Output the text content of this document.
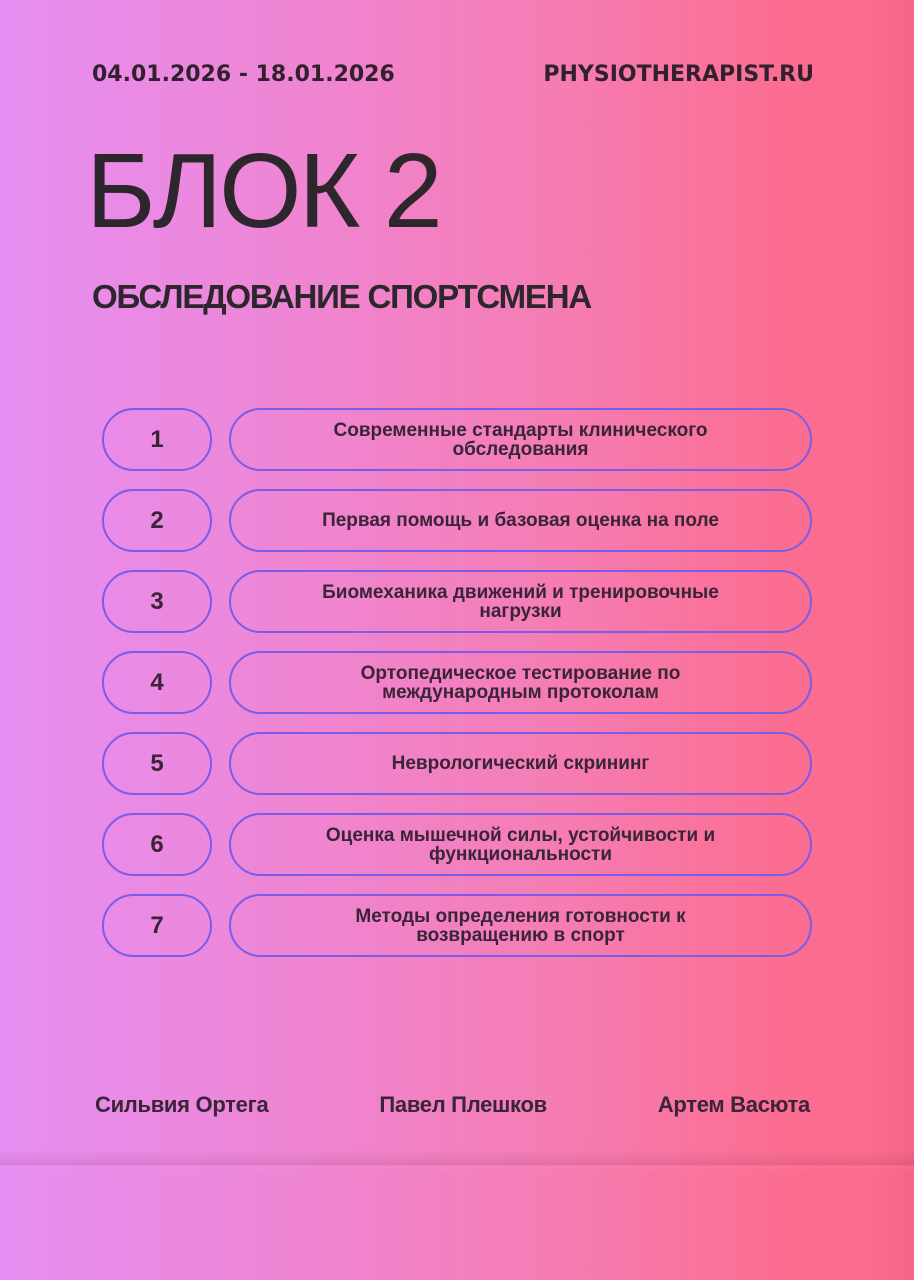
04.01.2026 - 18.01.2026	PHYSIOTHERAPIST.RU
БЛОК 2
ОБСЛЕДОВАНИЕ СПОРТСМЕНА
1	Современные стандарты клинического обследования
2	Первая помощь и базовая оценка на поле
3	Биомеханика движений и тренировочные нагрузки
4	Ортопедическое тестирование по международным протоколам
5	Неврологический скрининг
6	Оценка мышечной силы, устойчивости и функциональности
7	Методы определения готовности к возвращению в спорт
Сильвия Ортега	Павел Плешков	Артем Васюта
